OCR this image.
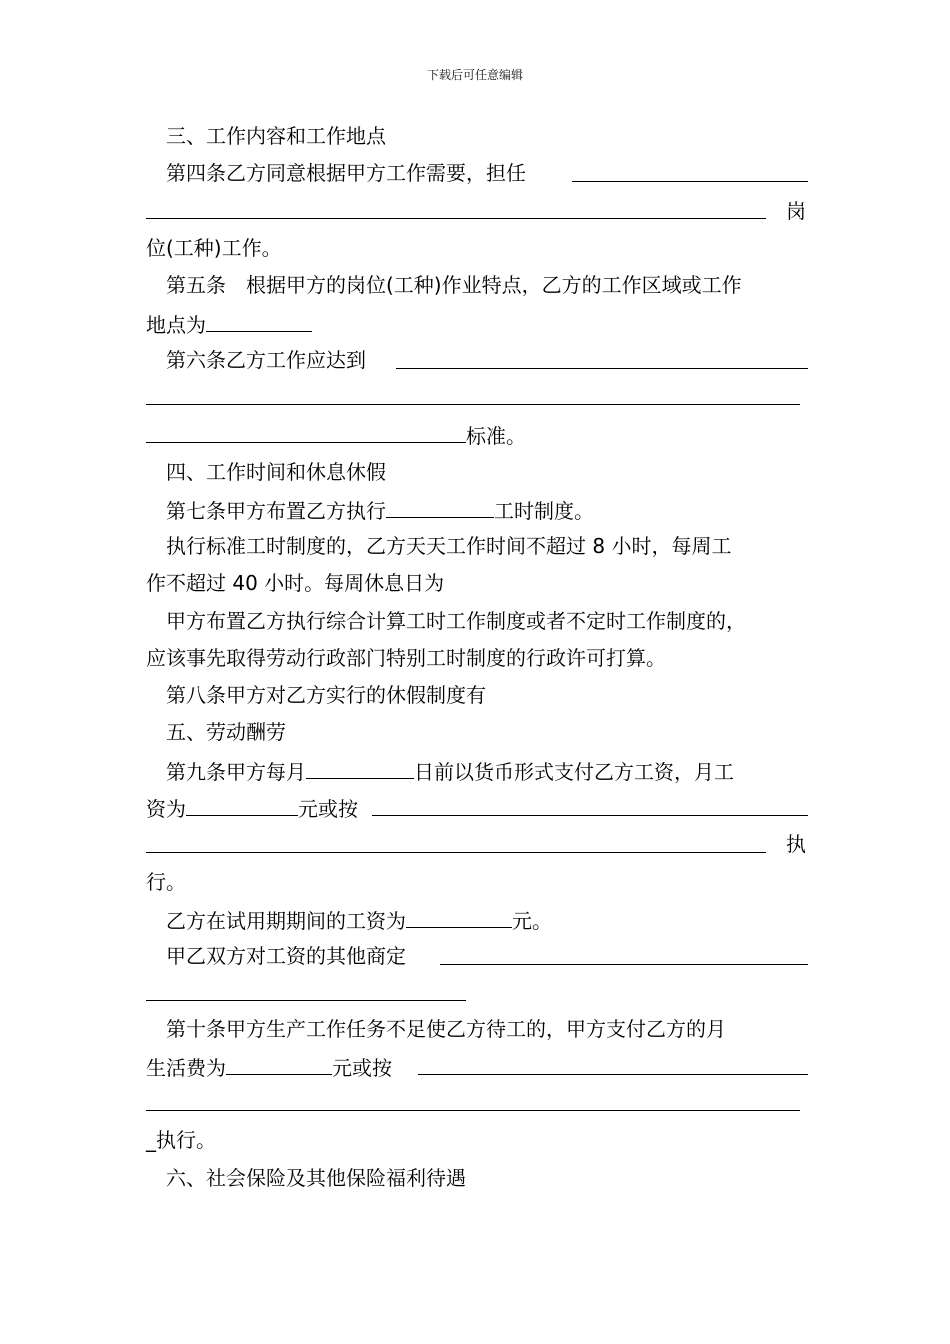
下载后可任意编辑
三、工作内容和工作地点
第四条乙方同意根据甲方工作需要，担任
岗
位(工种)工作。
第五条　根据甲方的岗位(工种)作业特点，乙方的工作区域或工作
地点为
第六条乙方工作应达到
标准。
四、工作时间和休息休假
第七条甲方布置乙方执行	工时制度。
执行标准工时制度的，乙方天天工作时间不超过 8 小时，每周工
作不超过 40 小时。每周休息日为
甲方布置乙方执行综合计算工时工作制度或者不定时工作制度的，
应该事先取得劳动行政部门特别工时制度的行政许可打算。
第八条甲方对乙方实行的休假制度有
五、劳动酬劳
第九条甲方每月	日前以货币形式支付乙方工资，月工
资为	元或按
执
行。
乙方在试用期期间的工资为	元。
甲乙双方对工资的其他商定
第十条甲方生产工作任务不足使乙方待工的，甲方支付乙方的月
生活费为	元或按
_执行。
六、社会保险及其他保险福利待遇
